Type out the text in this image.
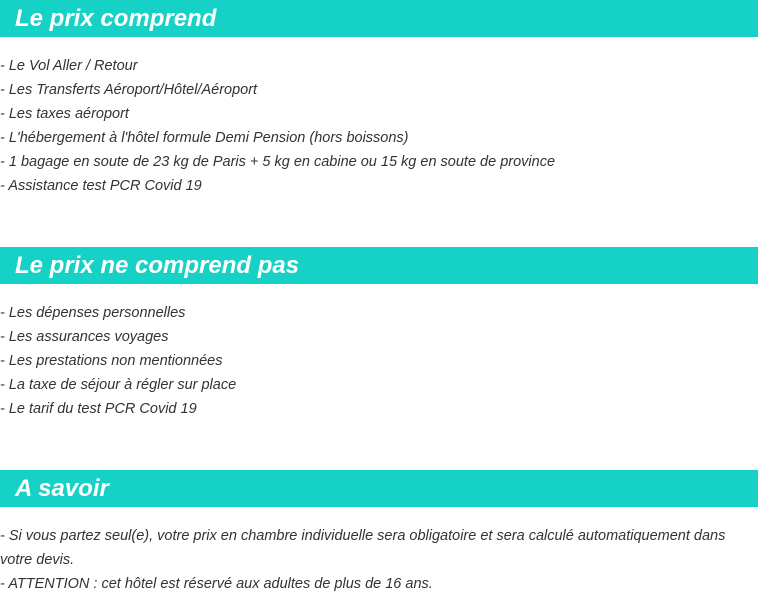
Le prix comprend
- Le Vol Aller / Retour
- Les Transferts Aéroport/Hôtel/Aéroport
- Les taxes aéroport
- L'hébergement à l'hôtel formule Demi Pension (hors boissons)
- 1 bagage en soute de 23 kg de Paris + 5 kg en cabine ou 15 kg en soute de province
- Assistance test PCR Covid 19
Le prix ne comprend pas
- Les dépenses personnelles
- Les assurances voyages
- Les prestations non mentionnées
- La taxe de séjour à régler sur place
- Le tarif du test PCR Covid 19
A savoir
- Si vous partez seul(e), votre prix en chambre individuelle sera obligatoire et sera calculé automatiquement dans votre devis.
- ATTENTION : cet hôtel est réservé aux adultes de plus de 16 ans.
